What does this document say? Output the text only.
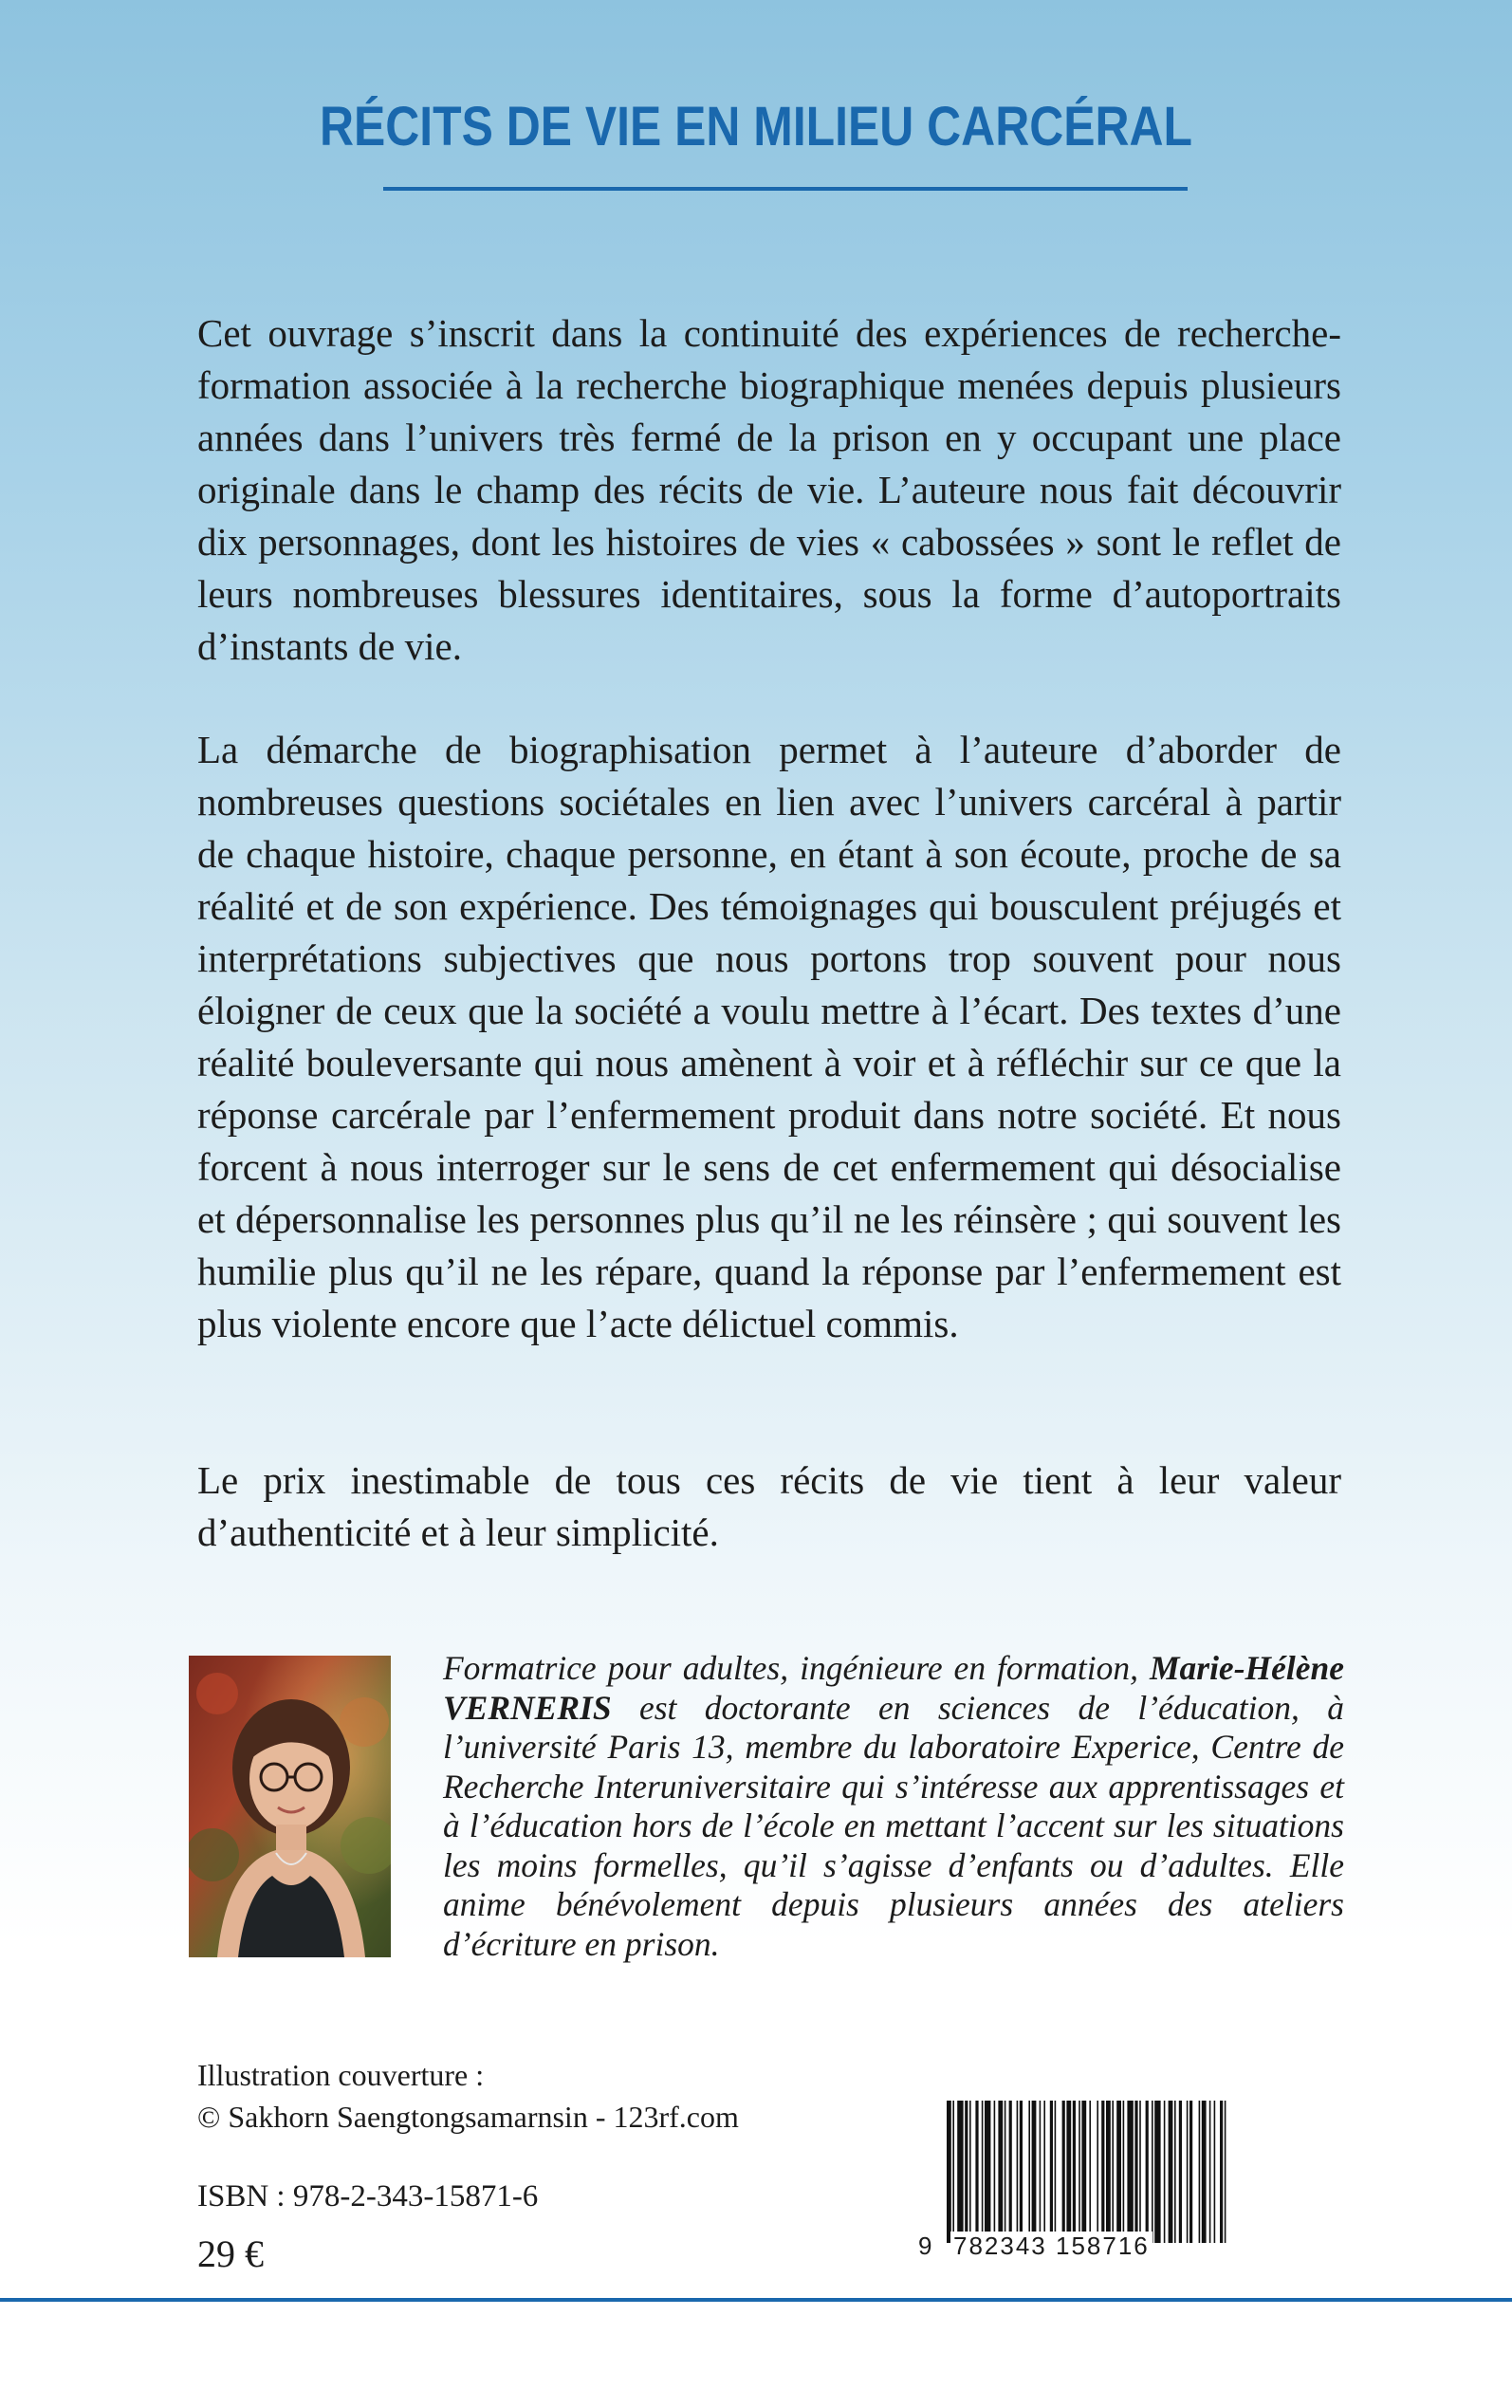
RÉCITS DE VIE EN MILIEU CARCÉRAL

Cet ouvrage s’inscrit dans la continuité des expériences de recherche-formation associée à la recherche biographique menées depuis plusieurs années dans l’univers très fermé de la prison en y occupant une place originale dans le champ des récits de vie. L’auteure nous fait découvrir dix personnages, dont les histoires de vies « cabossées » sont le reflet de leurs nombreuses blessures identitaires, sous la forme d’autoportraits d’instants de vie.

La démarche de biographisation permet à l’auteure d’aborder de nombreuses questions sociétales en lien avec l’univers carcéral à partir de chaque histoire, chaque personne, en étant à son écoute, proche de sa réalité et de son expérience. Des témoignages qui bousculent préjugés et interprétations subjectives que nous portons trop souvent pour nous éloigner de ceux que la société a voulu mettre à l’écart. Des textes d’une réalité bouleversante qui nous amènent à voir et à réfléchir sur ce que la réponse carcérale par l’enfermement produit dans notre société. Et nous forcent à nous interroger sur le sens de cet enfermement qui désocialise et dépersonnalise les personnes plus qu’il ne les réinsère ; qui souvent les humilie plus qu’il ne les répare, quand la réponse par l’enfermement est plus violente encore que l’acte délictuel commis.

Le prix inestimable de tous ces récits de vie tient à leur valeur d’authenticité et à leur simplicité.

Formatrice pour adultes, ingénieure en formation, Marie-Hélène VERNERIS est doctorante en sciences de l’éducation, à l’université Paris 13, membre du laboratoire Experice, Centre de Recherche Interuniversitaire qui s’intéresse aux apprentissages et à l’éducation hors de l’école en mettant l’accent sur les situations les moins formelles, qu’il s’agisse d’enfants ou d’adultes. Elle anime bénévolement depuis plusieurs années des ateliers d’écriture en prison.

Illustration couverture :

© Sakhorn Saengtongsamarnsin - 123rf.com

ISBN : 978-2-343-15871-6

29 €	9 782343 158716
